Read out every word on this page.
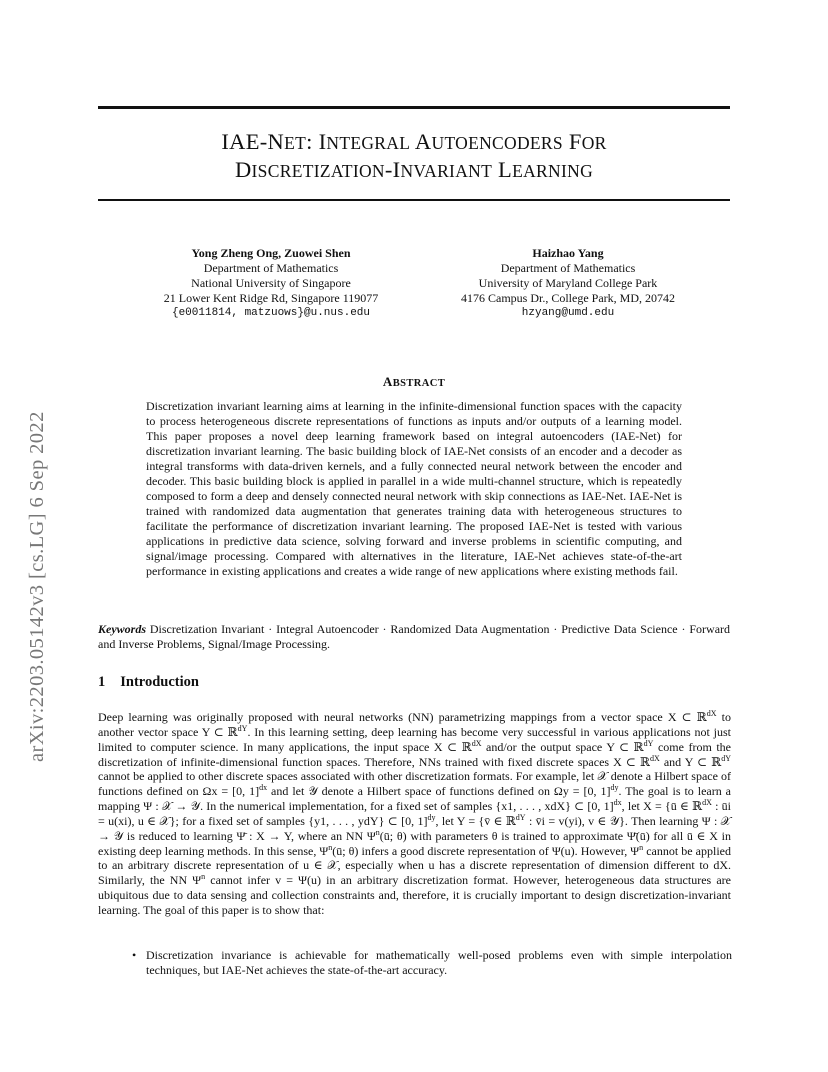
IAE-NET: INTEGRAL AUTOENCODERS FOR
DISCRETIZATION-INVARIANT LEARNING
Yong Zheng Ong, Zuowei Shen
Department of Mathematics
National University of Singapore
21 Lower Kent Ridge Rd, Singapore 119077
{e0011814, matzuows}@u.nus.edu
Haizhao Yang
Department of Mathematics
University of Maryland College Park
4176 Campus Dr., College Park, MD, 20742
hzyang@umd.edu
arXiv:2203.05142v3 [cs.LG] 6 Sep 2022
ABSTRACT
Discretization invariant learning aims at learning in the infinite-dimensional function spaces with the capacity to process heterogeneous discrete representations of functions as inputs and/or outputs of a learning model. This paper proposes a novel deep learning framework based on integral autoencoders (IAE-Net) for discretization invariant learning. The basic building block of IAE-Net consists of an encoder and a decoder as integral transforms with data-driven kernels, and a fully connected neural network between the encoder and decoder. This basic building block is applied in parallel in a wide multi-channel structure, which is repeatedly composed to form a deep and densely connected neural network with skip connections as IAE-Net. IAE-Net is trained with randomized data augmentation that generates training data with heterogeneous structures to facilitate the performance of discretization invariant learning. The proposed IAE-Net is tested with various applications in predictive data science, solving forward and inverse problems in scientific computing, and signal/image processing. Compared with alternatives in the literature, IAE-Net achieves state-of-the-art performance in existing applications and creates a wide range of new applications where existing methods fail.
Keywords Discretization Invariant · Integral Autoencoder · Randomized Data Augmentation · Predictive Data Science · Forward and Inverse Problems, Signal/Image Processing.
1 Introduction
Deep learning was originally proposed with neural networks (NN) parametrizing mappings from a vector space X ⊂ ℝ$^{dX}$ to another vector space Y ⊂ ℝ$^{dY}$. In this learning setting, deep learning has become very successful in various applications not just limited to computer science. In many applications, the input space X ⊂ ℝ$^{dX}$ and/or the output space Y ⊂ ℝ$^{dY}$ come from the discretization of infinite-dimensional function spaces. Therefore, NNs trained with fixed discrete spaces X ⊂ ℝ$^{dX}$ and Y ⊂ ℝ$^{dY}$ cannot be applied to other discrete spaces associated with other discretization formats. For example, let 𝒳 denote a Hilbert space of functions defined on Ωx = [0, 1]$^{dx}$ and let 𝒴 denote a Hilbert space of functions defined on Ωy = [0, 1]$^{dy}$. The goal is to learn a mapping Ψ : 𝒳 → 𝒴. In the numerical implementation, for a fixed set of samples {x1, . . . , xdX} ⊂ [0, 1]$^{dx}$, let X = {ū ∈ ℝ$^{dX}$ : ūi = u(xi), u ∈ 𝒳}; for a fixed set of samples {y1, . . . , ydY} ⊂ [0, 1]$^{dy}$, let Y = {v̄ ∈ ℝ$^{dY}$ : v̄i = v(yi), v ∈ 𝒴}. Then learning Ψ : 𝒳 → 𝒴 is reduced to learning Ψ̄ : X → Y, where an NN $\Psi^n(ū$; θ) with parameters θ is trained to approximate Ψ̄(ū) for all ū ∈ X in existing deep learning methods. In this sense, $\Psi^n(ū$; θ) infers a good discrete representation of Ψ(u). However, $\Psi^n$ cannot be applied to an arbitrary discrete representation of u ∈ 𝒳, especially when u has a discrete representation of dimension different to dX. Similarly, the NN $\Psi^n$ cannot infer v = Ψ(u) in an arbitrary discretization format. However, heterogeneous data structures are ubiquitous due to data sensing and collection constraints and, therefore, it is crucially important to design discretization-invariant learning. The goal of this paper is to show that:
• Discretization invariance is achievable for mathematically well-posed problems even with simple interpolation techniques, but IAE-Net achieves the state-of-the-art accuracy.
